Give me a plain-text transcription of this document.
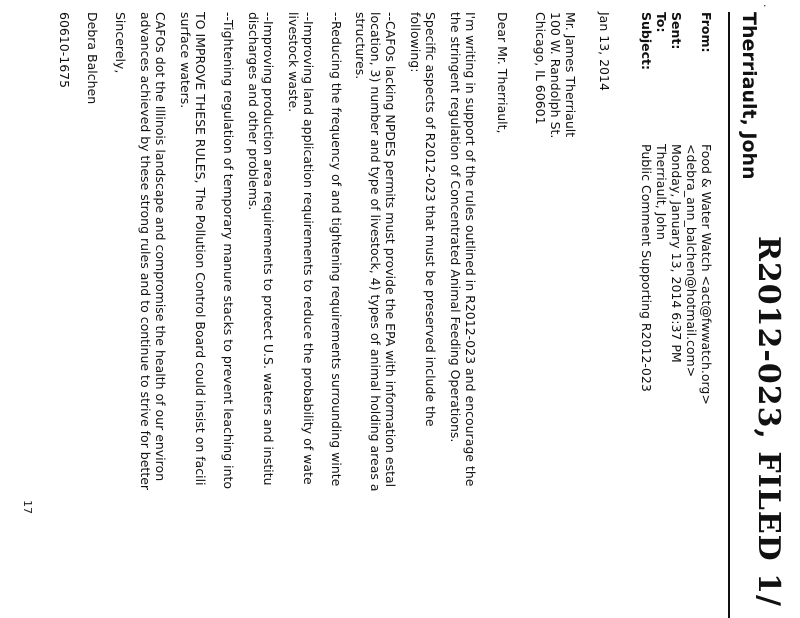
R2012-023, FILED 1/
.
Therriault, John
From:
Food & Water Watch <act@fwwatch.org>
<debra_ann_balchen@hotmail.com>
Sent:
Monday, January 13, 2014 6:37 PM
To:
Therriault, John
Subject:
Public Comment Supporting R2012-023

Jan 13, 2014

Mr. James Therriault

100 W. Randolph St.

Chicago, IL 60601

Dear Mr. Therriault,

I'm writing in support of the rules outlined in R2012-023 and encourage the

the stringent regulation of Concentrated Animal Feeding Operations.

Specific aspects of R2012-023 that must be preserved include the

following:

--CAFOs lacking NPDES permits must provide the EPA with information estal

location, 3) number and type of livestock, 4) types of animal holding areas a

structures.

--Reducing the frequency of and tightening requirements surrounding winte

--Improving land application requirements to reduce the probability of wate

livestock waste.

--Improving production area requirements to protect U.S. waters and institu

discharges and other problems.

--Tightening regulation of temporary manure stacks to prevent leaching into

TO IMPROVE THESE RULES, The Pollution Control Board could insist on facili

surface waters.

CAFOs dot the Illinois landscape and compromise the health of our environ

advances achieved by these strong rules and to continue to strive for better

Sincerely,

Debra Balchen

60610-1675

17
